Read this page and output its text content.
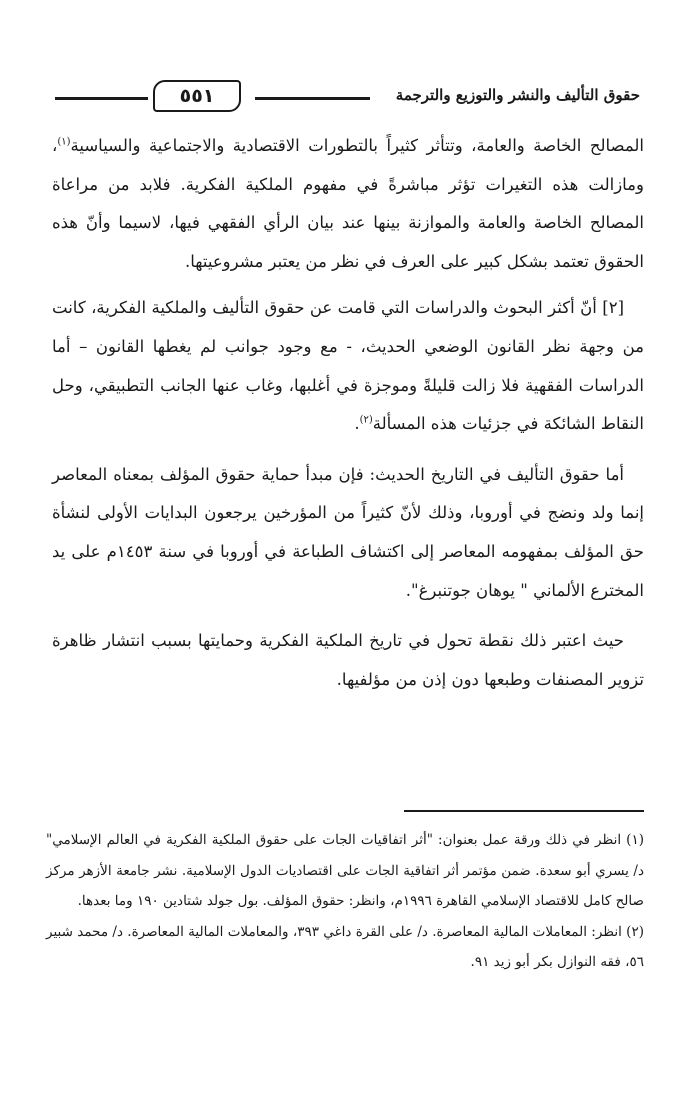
حقوق التأليف والنشر والتوزيع والترجمة
٥٥١

المصالح الخاصة والعامة، وتتأثر كثيراً بالتطورات الاقتصادية والاجتماعية والسياسية$^{(١)}$، ومازالت هذه التغيرات تؤثر مباشرةً في مفهوم الملكية الفكرية. فلابد من مراعاة المصالح الخاصة والعامة والموازنة بينها عند بيان الرأي الفقهي فيها، لاسيما وأنّ هذه الحقوق تعتمد بشكل كبير على العرف في نظر من يعتبر مشروعيتها.

[٢] أنّ أكثر البحوث والدراسات التي قامت عن حقوق التأليف والملكية الفكرية، كانت من وجهة نظر القانون الوضعي الحديث، - مع وجود جوانب لم يغطها القانون – أما الدراسات الفقهية فلا زالت قليلةً وموجزة في أغلبها، وغاب عنها الجانب التطبيقي، وحل النقاط الشائكة في جزئيات هذه المسألة$^{(٢)}$.

أما حقوق التأليف في التاريخ الحديث: فإن مبدأ حماية حقوق المؤلف بمعناه المعاصر إنما ولد ونضج في أوروبا، وذلك لأنّ كثيراً من المؤرخين يرجعون البدايات الأولى لنشأة حق المؤلف بمفهومه المعاصر إلى اكتشاف الطباعة في أوروبا في سنة ١٤٥٣م على يد المخترع الألماني " يوهان جوتنبرغ".

حيث اعتبر ذلك نقطة تحول في تاريخ الملكية الفكرية وحمايتها بسبب انتشار ظاهرة تزوير المصنفات وطبعها دون إذن من مؤلفيها.

(١) انظر في ذلك ورقة عمل بعنوان: "أثر اتفاقيات الجات على حقوق الملكية الفكرية في العالم الإسلامي" د/ يسري أبو سعدة. ضمن مؤتمر أثر اتفاقية الجات على اقتصاديات الدول الإسلامية. نشر جامعة الأزهر مركز صالح كامل للاقتصاد الإسلامي القاهرة ١٩٩٦م، وانظر: حقوق المؤلف. بول جولد شتادين ١٩٠ وما بعدها.

(٢) انظر: المعاملات المالية المعاصرة. د/ على القرة داغي ٣٩٣، والمعاملات المالية المعاصرة. د/ محمد شبير ٥٦، فقه النوازل بكر أبو زيد ٩١.
